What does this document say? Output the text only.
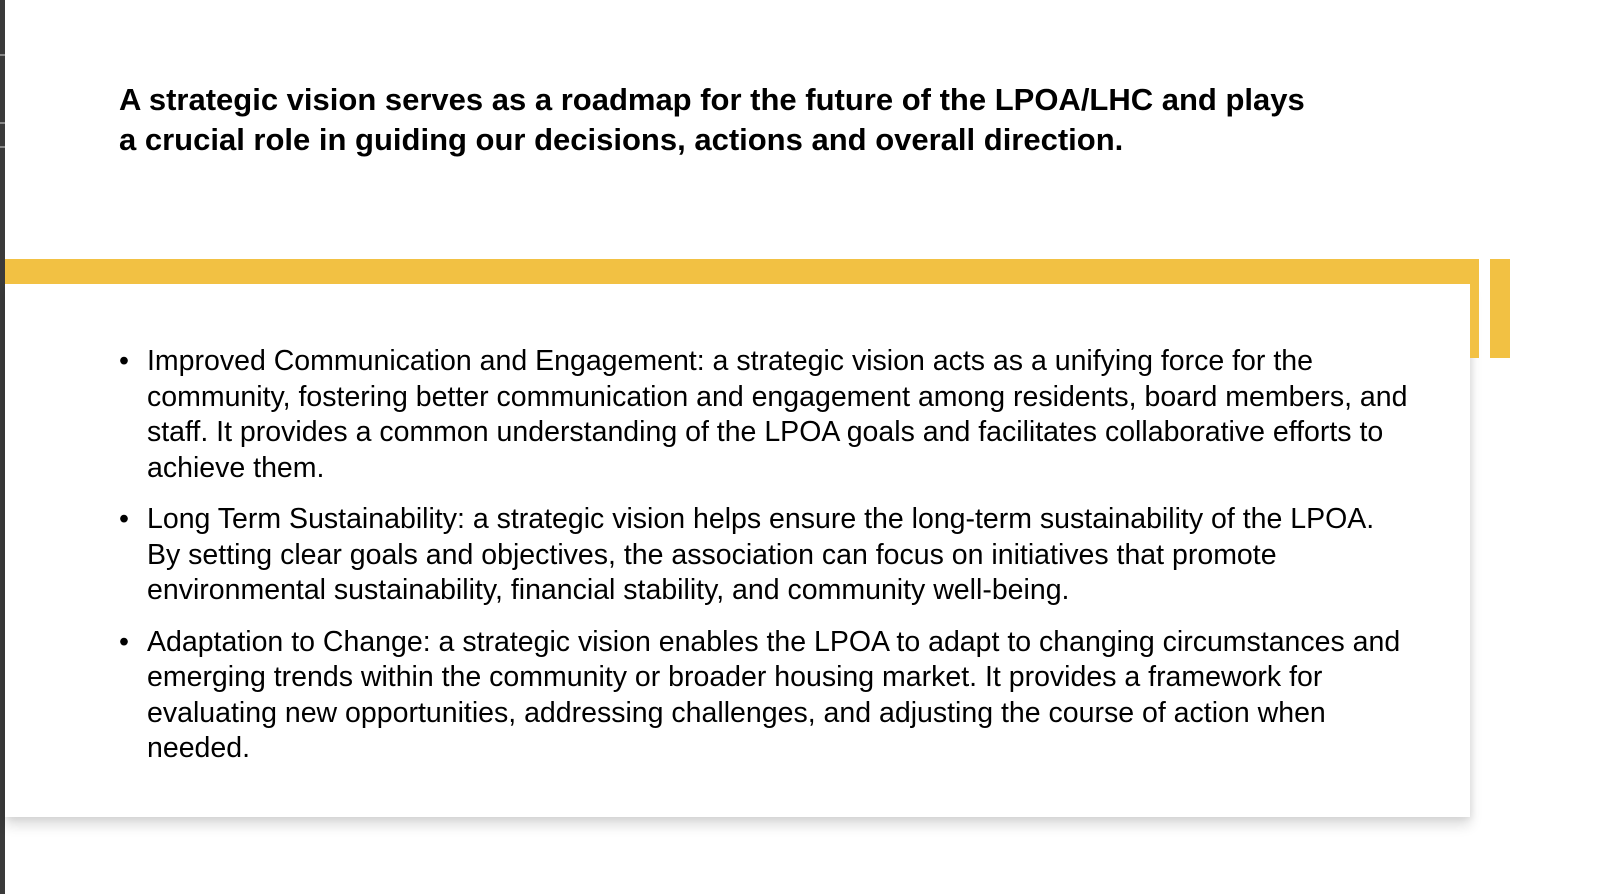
A strategic vision serves as a roadmap for the future of the LPOA/LHC and plays a crucial role in guiding our decisions, actions and overall direction.
• Improved Communication and Engagement: a strategic vision acts as a unifying force for the community, fostering better communication and engagement among residents, board members, and staff. It provides a common understanding of the LPOA goals and facilitates collaborative efforts to achieve them.
• Long Term Sustainability: a strategic vision helps ensure the long-term sustainability of the LPOA. By setting clear goals and objectives, the association can focus on initiatives that promote environmental sustainability, financial stability, and community well-being.
• Adaptation to Change: a strategic vision enables the LPOA to adapt to changing circumstances and emerging trends within the community or broader housing market. It provides a framework for evaluating new opportunities, addressing challenges, and adjusting the course of action when needed.
